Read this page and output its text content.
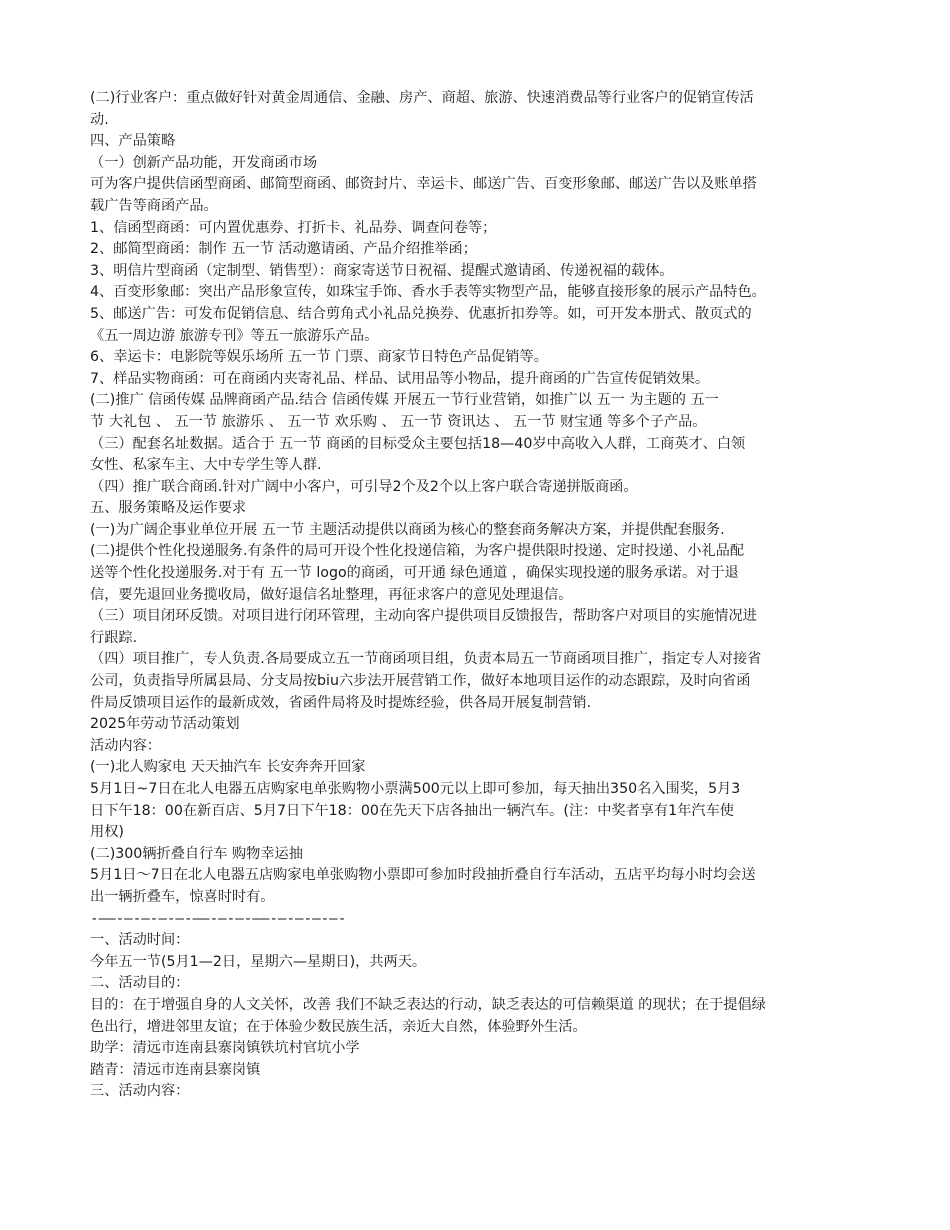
(二)行业客户：重点做好针对黄金周通信、金融、房产、商超、旅游、快速消费品等行业客户的促销宣传活
动.
四、产品策略
（一）创新产品功能，开发商函市场
可为客户提供信函型商函、邮简型商函、邮资封片、幸运卡、邮送广告、百变形象邮、邮送广告以及账单搭
载广告等商函产品。
1、信函型商函：可内置优惠券、打折卡、礼品券、调查问卷等；
2、邮简型商函：制作 五一节 活动邀请函、产品介绍推举函；
3、明信片型商函（定制型、销售型）：商家寄送节日祝福、提醒式邀请函、传递祝福的载体。
4、百变形象邮：突出产品形象宣传，如珠宝手饰、香水手表等实物型产品，能够直接形象的展示产品特色。
5、邮送广告：可发布促销信息、结合剪角式小礼品兑换券、优惠折扣券等。如，可开发本册式、散页式的
《五一周边游 旅游专刊》等五一旅游乐产品。
6、幸运卡：电影院等娱乐场所 五一节 门票、商家节日特色产品促销等。
7、样品实物商函：可在商函内夹寄礼品、样品、试用品等小物品，提升商函的广告宣传促销效果。
(二)推广 信函传媒 品牌商函产品.结合 信函传媒 开展五一节行业营销，如推广以 五一 为主题的 五一
节 大礼包 、 五一节 旅游乐 、 五一节 欢乐购 、 五一节 资讯达 、 五一节 财宝通 等多个子产品。
（三）配套名址数据。适合于 五一节 商函的目标受众主要包括18—40岁中高收入人群，工商英才、白领
女性、私家车主、大中专学生等人群.
（四）推广联合商函.针对广阔中小客户，可引导2个及2个以上客户联合寄递拼版商函。
五、服务策略及运作要求
(一)为广阔企事业单位开展 五一节 主题活动提供以商函为核心的整套商务解决方案，并提供配套服务.
(二)提供个性化投递服务.有条件的局可开设个性化投递信箱，为客户提供限时投递、定时投递、小礼品配
送等个性化投递服务.对于有 五一节 logo的商函，可开通 绿色通道 ，确保实现投递的服务承诺。对于退
信，要先退回业务揽收局，做好退信名址整理，再征求客户的意见处理退信。
（三）项目闭环反馈。对项目进行闭环管理，主动向客户提供项目反馈报告，帮助客户对项目的实施情况进
行跟踪.
（四）项目推广，专人负责.各局要成立五一节商函项目组，负责本局五一节商函项目推广，指定专人对接省
公司，负责指导所属县局、分支局按biu六步法开展营销工作，做好本地项目运作的动态跟踪，及时向省函
件局反馈项目运作的最新成效，省函件局将及时提炼经验，供各局开展复制营销.
2025年劳动节活动策划
活动内容：
(一)北人购家电 天天抽汽车 长安奔奔开回家
5月1日~7日在北人电器五店购家电单张购物小票满500元以上即可参加，每天抽出350名入围奖，5月3
日下午18：00在新百店、5月7日下午18：00在先天下店各抽出一辆汽车。(注：中奖者享有1年汽车使
用权)
(二)300辆折叠自行车 购物幸运抽
5月1日～7日在北人电器五店购家电单张购物小票即可参加时段抽折叠自行车活动，五店平均每小时均会送
出一辆折叠车，惊喜时时有。
-——-—-—-—-—-——-—-—-——-—-—-—-—-
一、活动时间：
今年五一节(5月1—2日，星期六—星期日)，共两天。
二、活动目的：
目的：在于增强自身的人文关怀，改善 我们不缺乏表达的行动，缺乏表达的可信赖渠道 的现状；在于提倡绿
色出行，增进邻里友谊；在于体验少数民族生活，亲近大自然，体验野外生活。
助学：清远市连南县寨岗镇铁坑村官坑小学
踏青：清远市连南县寨岗镇
三、活动内容：
